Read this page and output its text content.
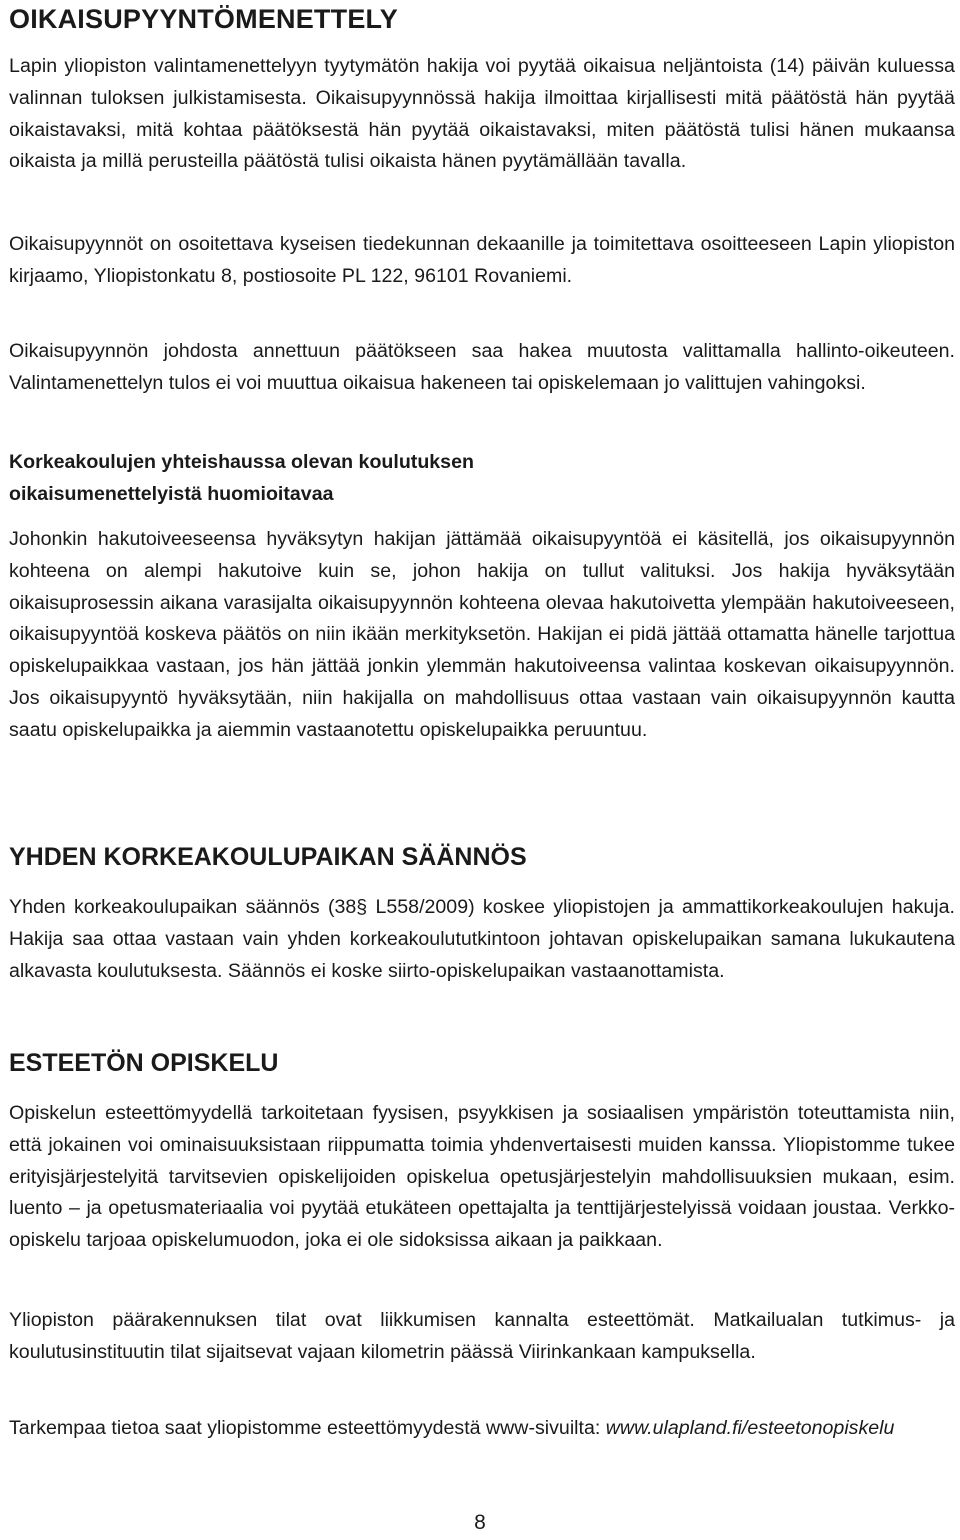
OIKAISUPYYNTÖMENETTELY

Lapin yliopiston valintamenettelyyn tyytymätön hakija voi pyytää oikaisua neljäntoista (14) päivän kuluessa valinnan tuloksen julkistamisesta. Oikaisupyynnössä hakija ilmoittaa kirjallisesti mitä päätöstä hän pyytää oikaistavaksi, mitä kohtaa päätöksestä hän pyytää oikaistavaksi, miten päätöstä tulisi hänen mukaansa oikaista ja millä perusteilla päätöstä tulisi oikaista hänen pyytämällään tavalla.

Oikaisupyynnöt on osoitettava kyseisen tiedekunnan dekaanille ja toimitettava osoitteeseen Lapin yliopiston kirjaamo, Yliopistonkatu 8, postiosoite PL 122, 96101 Rovaniemi.

Oikaisupyynnön johdosta annettuun päätökseen saa hakea muutosta valittamalla hallinto-oikeuteen. Valintamenettelyn tulos ei voi muuttua oikaisua hakeneen tai opiskelemaan jo valittujen vahingoksi.

Korkeakoulujen yhteishaussa olevan koulutuksen oikaisumenettelyistä huomioitavaa

Johonkin hakutoiveeseensa hyväksytyn hakijan jättämää oikaisupyyntöä ei käsitellä, jos oikaisupyynnön kohteena on alempi hakutoive kuin se, johon hakija on tullut valituksi. Jos hakija hyväksytään oikaisuprosessin aikana varasijalta oikaisupyynnön kohteena olevaa hakutoivetta ylempään hakutoiveeseen, oikaisupyyntöä koskeva päätös on niin ikään merkityksetön. Hakijan ei pidä jättää ottamatta hänelle tarjottua opiskelupaikkaa vastaan, jos hän jättää jonkin ylemmän hakutoiveensa valintaa koskevan oikaisupyynnön. Jos oikaisupyyntö hyväksytään, niin hakijalla on mahdollisuus ottaa vastaan vain oikaisupyynnön kautta saatu opiskelupaikka ja aiemmin vastaanotettu opiskelupaikka peruuntuu.

YHDEN KORKEAKOULUPAIKAN SÄÄNNÖS

Yhden korkeakoulupaikan säännös (38§ L558/2009) koskee yliopistojen ja ammattikorkeakoulujen hakuja. Hakija saa ottaa vastaan vain yhden korkeakoulututkintoon johtavan opiskelupaikan samana lukukautena alkavasta koulutuksesta. Säännös ei koske siirto-opiskelupaikan vastaanottamista.

ESTEETÖN OPISKELU

Opiskelun esteettömyydellä tarkoitetaan fyysisen, psyykkisen ja sosiaalisen ympäristön toteuttamista niin, että jokainen voi ominaisuuksistaan riippumatta toimia yhdenvertaisesti muiden kanssa. Yliopistomme tukee erityisjärjestelyitä tarvitsevien opiskelijoiden opiskelua opetusjärjestelyin mahdollisuuksien mukaan, esim. luento – ja opetusmateriaalia voi pyytää etukäteen opettajalta ja tenttijärjestelyissä voidaan joustaa. Verkko-opiskelu tarjoaa opiskelumuodon, joka ei ole sidoksissa aikaan ja paikkaan.

Yliopiston päärakennuksen tilat ovat liikkumisen kannalta esteettömät. Matkailualan tutkimus- ja koulutusinstituutin tilat sijaitsevat vajaan kilometrin päässä Viirinkankaan kampuksella.

Tarkempaa tietoa saat yliopistomme esteettömyydestä www-sivuilta: www.ulapland.fi/esteetonopiskelu

8
